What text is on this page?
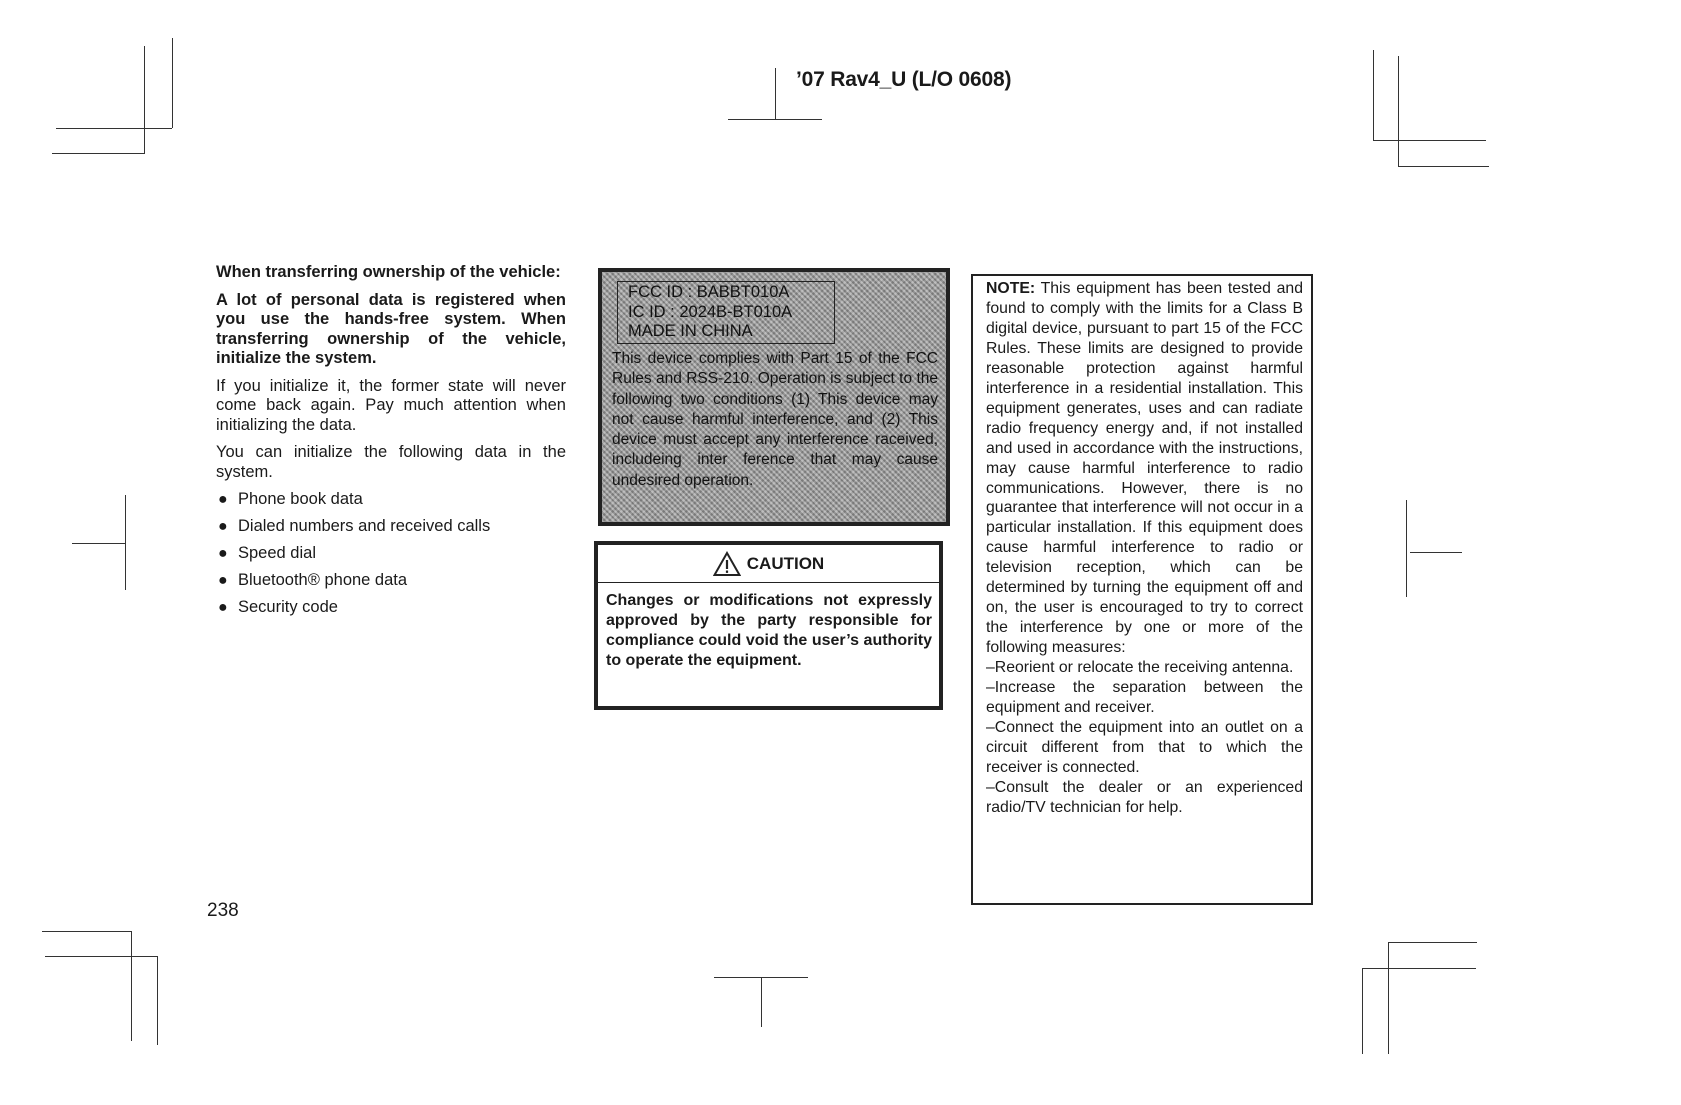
’07 Rav4_U (L/O 0608)

When transferring ownership of the vehicle:

A lot of personal data is registered when you use the hands-free system. When transferring ownership of the vehicle, initialize the system.

If you initialize it, the former state will never come back again. Pay much attention when initializing the data.

You can initialize the following data in the system.

● Phone book data
● Dialed numbers and received calls
● Speed dial
● Bluetooth® phone data
● Security code
238
FCC ID : BABBT010A
IC ID : 2024B-BT010A
MADE IN CHINA
This device complies with Part 15 of the FCC Rules and RSS-210. Operation is subject to the following two conditions (1) This device may not cause harmful interference, and (2) This device must accept any interference raceived, includeing inter ference that may cause undesired operation.
CAUTION
Changes or modifications not expressly approved by the party responsible for compliance could void the user’s authority to operate the equipment.

NOTE: This equipment has been tested and found to comply with the limits for a Class B digital device, pursuant to part 15 of the FCC Rules. These limits are designed to provide reasonable protection against harmful interference in a residential installation. This equipment generates, uses and can radiate radio frequency energy and, if not installed and used in accordance with the instructions, may cause harmful interference to radio communications. However, there is no guarantee that interference will not occur in a particular installation. If this equipment does cause harmful interference to radio or television reception, which can be determined by turning the equipment off and on, the user is encouraged to try to correct the interference by one or more of the following measures:

–Reorient or relocate the receiving antenna.

–Increase the separation between the equipment and receiver.

–Connect the equipment into an outlet on a circuit different from that to which the receiver is connected.

–Consult the dealer or an experienced radio/TV technician for help.
